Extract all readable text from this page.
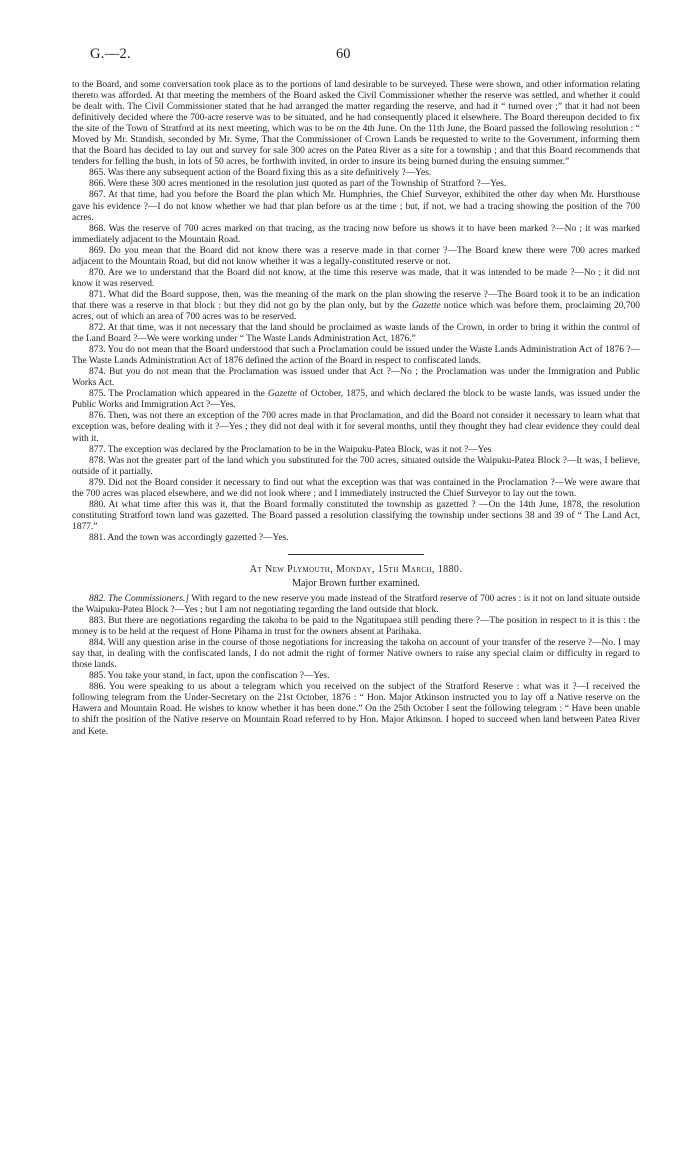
G.—2.	60

to the Board, and some conversation took place as to the portions of land desirable to be surveyed. These were shown, and other information relating thereto was afforded. At that meeting the members of the Board asked the Civil Commissioner whether the reserve was settled, and whether it could be dealt with. The Civil Commissioner stated that he had arranged the matter regarding the reserve, and had it “ turned over ;” that it had not been definitively decided where the 700-acre reserve was to be situated, and he had consequently placed it elsewhere. The Board thereupon decided to fix the site of the Town of Stratford at its next meeting, which was to be on the 4th June. On the 11th June, the Board passed the following resolution : “ Moved by Mr. Standish, seconded by Mr. Syme, That the Commissioner of Crown Lands be requested to write to the Government, informing them that the Board has decided to lay out and survey for sale 300 acres on the Patea River as a site for a township ; and that this Board recommends that tenders for felling the bush, in lots of 50 acres, be forthwith invited, in order to insure its being burned during the ensuing summer.”

865. Was there any subsequent action of the Board fixing this as a site definitively ?—Yes.

866. Were these 300 acres mentioned in the resolution just quoted as part of the Township of Stratford ?—Yes.

867. At that time, had you before the Board the plan which Mr. Humphries, the Chief Surveyor, exhibited the other day when Mr. Hursthouse gave his evidence ?—I do not know whether we had that plan before us at the time ; but, if not, we had a tracing showing the position of the 700 acres.

868. Was the reserve of 700 acres marked on that tracing, as the tracing now before us shows it to have been marked ?—No ; it was marked immediately adjacent to the Mountain Road.

869. Do you mean that the Board did not know there was a reserve made in that corner ?—The Board knew there were 700 acres marked adjacent to the Mountain Road, but did not know whether it was a legally-constituted reserve or not.

870. Are we to understand that the Board did not know, at the time this reserve was made, that it was intended to be made ?—No ; it did not know it was reserved.

871. What did the Board suppose, then, was the meaning of the mark on the plan showing the reserve ?—The Board took it to be an indication that there was a reserve in that block : but they did not go by the plan only, but by the Gazette notice which was before them, proclaiming 20,700 acres, out of which an area of 700 acres was to be reserved.

872. At that time, was it not necessary that the land should be proclaimed as waste lands of the Crown, in order to bring it within the control of the Land Board ?—We were working under “ The Waste Lands Administration Act, 1876.”

873. You do not mean that the Board understood that such a Proclamation could be issued under the Waste Lands Administration Act of 1876 ?—The Waste Lands Administration Act of 1876 defined the action of the Board in respect to confiscated lands.

874. But you do not mean that the Proclamation was issued under that Act ?—No ; the Proclamation was under the Immigration and Public Works Act.

875. The Proclamation which appeared in the Gazette of October, 1875, and which declared the block to be waste lands, was issued under the Public Works and Immigration Act ?—Yes.

876. Then, was not there an exception of the 700 acres made in that Proclamation, and did the Board not consider it necessary to learn what that exception was, before dealing with it ?—Yes ; they did not deal with it for several months, until they thought they had clear evidence they could deal with it.

877. The exception was declared by the Proclamation to be in the Waipuku-Patea Block, was it not ?—Yes

878. Was not the greater part of the land which you substituted for the 700 acres, situated outside the Waipuku-Patea Block ?—It was, I believe, outside of it partially.

879. Did not the Board consider it necessary to find out what the exception was that was contained in the Proclamation ?—We were aware that the 700 acres was placed elsewhere, and we did not look where ; and I immediately instructed the Chief Surveyor to lay out the town.

880. At what time after this was it, that the Board formally constituted the township as gazetted ? —On the 14th June, 1878, the resolution constituting Stratford town land was gazetted. The Board passed a resolution classifying the township under sections 38 and 39 of “ The Land Act, 1877.”

881. And the town was accordingly gazetted ?—Yes.

At New Plymouth, Monday, 15th March, 1880.
Major Brown further examined.

882. The Commissioners.] With regard to the new reserve you made instead of the Stratford reserve of 700 acres : is it not on land situate outside the Waipuku-Patea Block ?—Yes ; but I am not negotiating regarding the land outside that block.

883. But there are negotiations regarding the takoha to be paid to the Ngatitupaea still pending there ?—The position in respect to it is this : the money is to be held at the request of Hone Pihama in trust for the owners absent at Parihaka.

884. Will any question arise in the course of those negotiations for increasing the takoha on account of your transfer of the reserve ?—No. I may say that, in dealing with the confiscated lands, I do not admit the right of former Native owners to raise any special claim or difficulty in regard to those lands.

885. You take your stand, in fact, upon the confiscation ?—Yes.

886. You were speaking to us about a telegram which you received on the subject of the Stratford Reserve : what was it ?—I received the following telegram from the Under-Secretary on the 21st October, 1876 : “ Hon. Major Atkinson instructed you to lay off a Native reserve on the Hawera and Mountain Road. He wishes to know whether it has been done.” On the 25th October I sent the following telegram : “ Have been unable to shift the position of the Native reserve on Mountain Road referred to by Hon. Major Atkinson. I hoped to succeed when land between Patea River and Kete.
